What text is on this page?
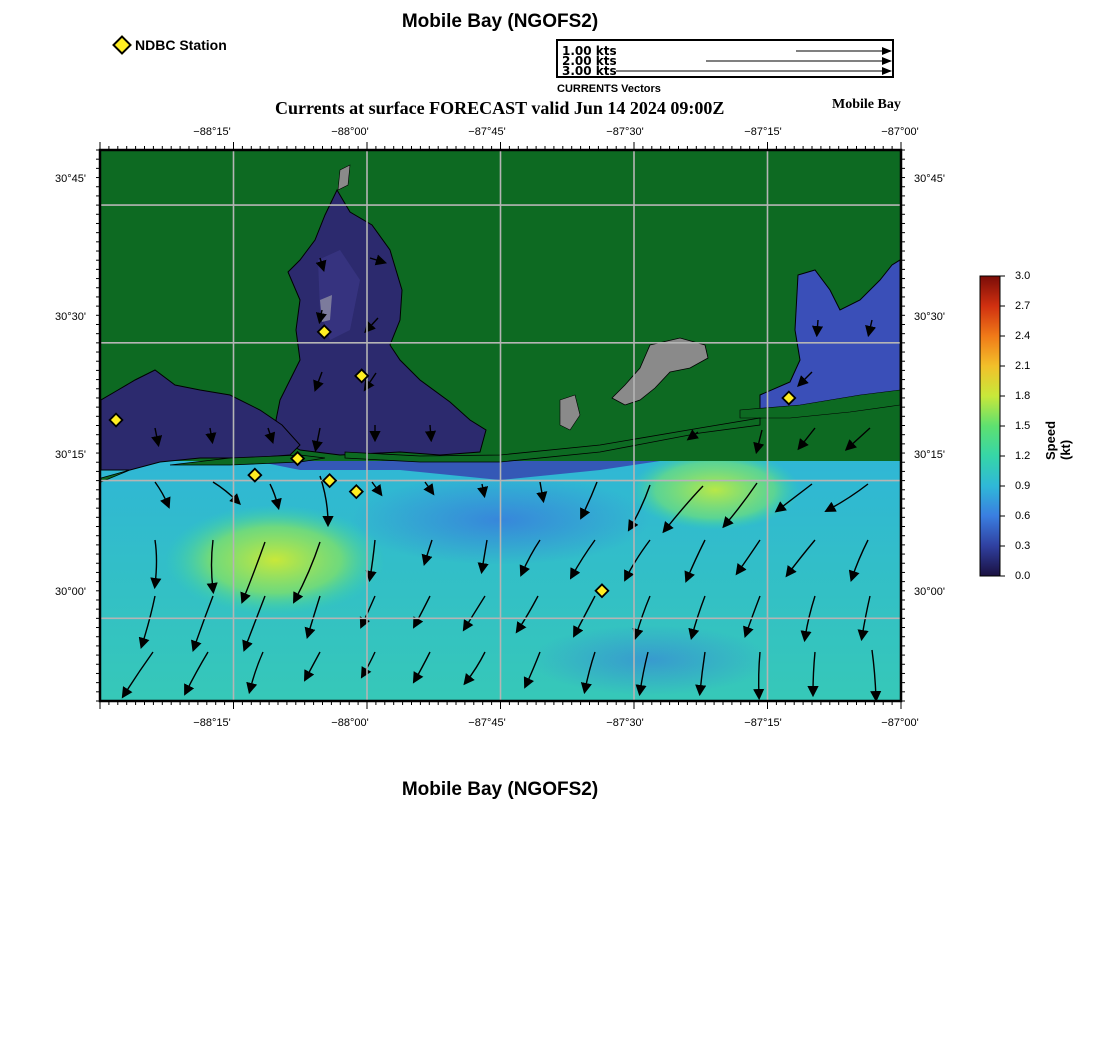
Mobile Bay (NGOFS2)
NDBC Station	1.00 kts
2.00 kts
3.00 kts
CURRENTS Vectors
Currents at surface FORECAST valid Jun 14 2024 09:00Z	Mobile Bay
−88°15'	−88°00'	−87°45'	−87°30'	−87°15'	−87°00'
−88°15'	−88°00'	−87°45'	−87°30'	−87°15'	−87°00'
30°45'
30°30'
30°15'
30°00'
30°45'
30°30'
30°15'
30°00'
3.0
2.7
2.4
2.1
1.8
1.5
1.2
0.9
0.6
0.3
0.0
Speed (kt)
Mobile Bay (NGOFS2)
